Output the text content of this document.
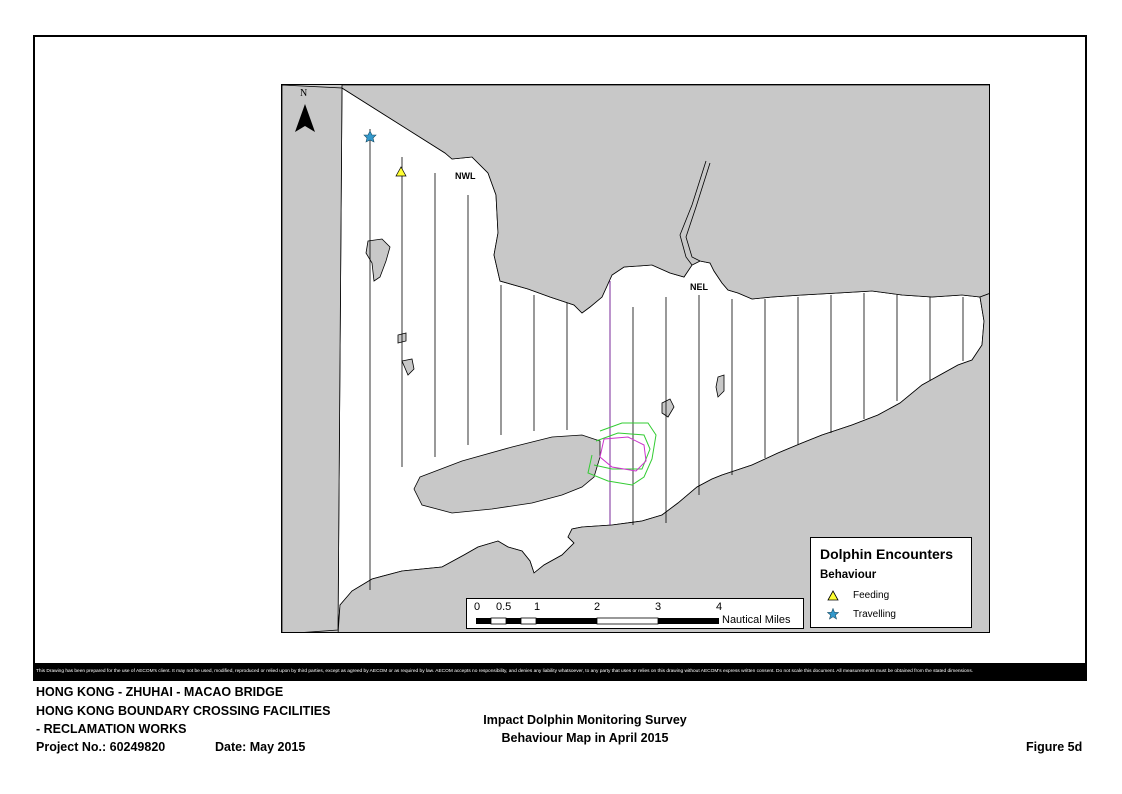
N
NWL
NEL
0 0.5 1	2	3	4
Nautical Miles
Dolphin Encounters
Behaviour
Feeding
Travelling
This Drawing has been prepared for the use of AECOM's client. It may not be used, modified, reproduced or relied upon by third parties, except as agreed by AECOM or as required by law. AECOM accepts no responsibility, and denies any liability whatsoever, to any party that uses or relies on this drawing without AECOM's express written consent. Do not scale this document. All measurements must be obtained from the stated dimensions.
HONG KONG - ZHUHAI - MACAO BRIDGE
HONG KONG BOUNDARY CROSSING FACILITIES
- RECLAMATION WORKS
Project No.: 60249820	Date: May 2015
Impact Dolphin Monitoring Survey
Behaviour Map in April 2015
Figure 5d
